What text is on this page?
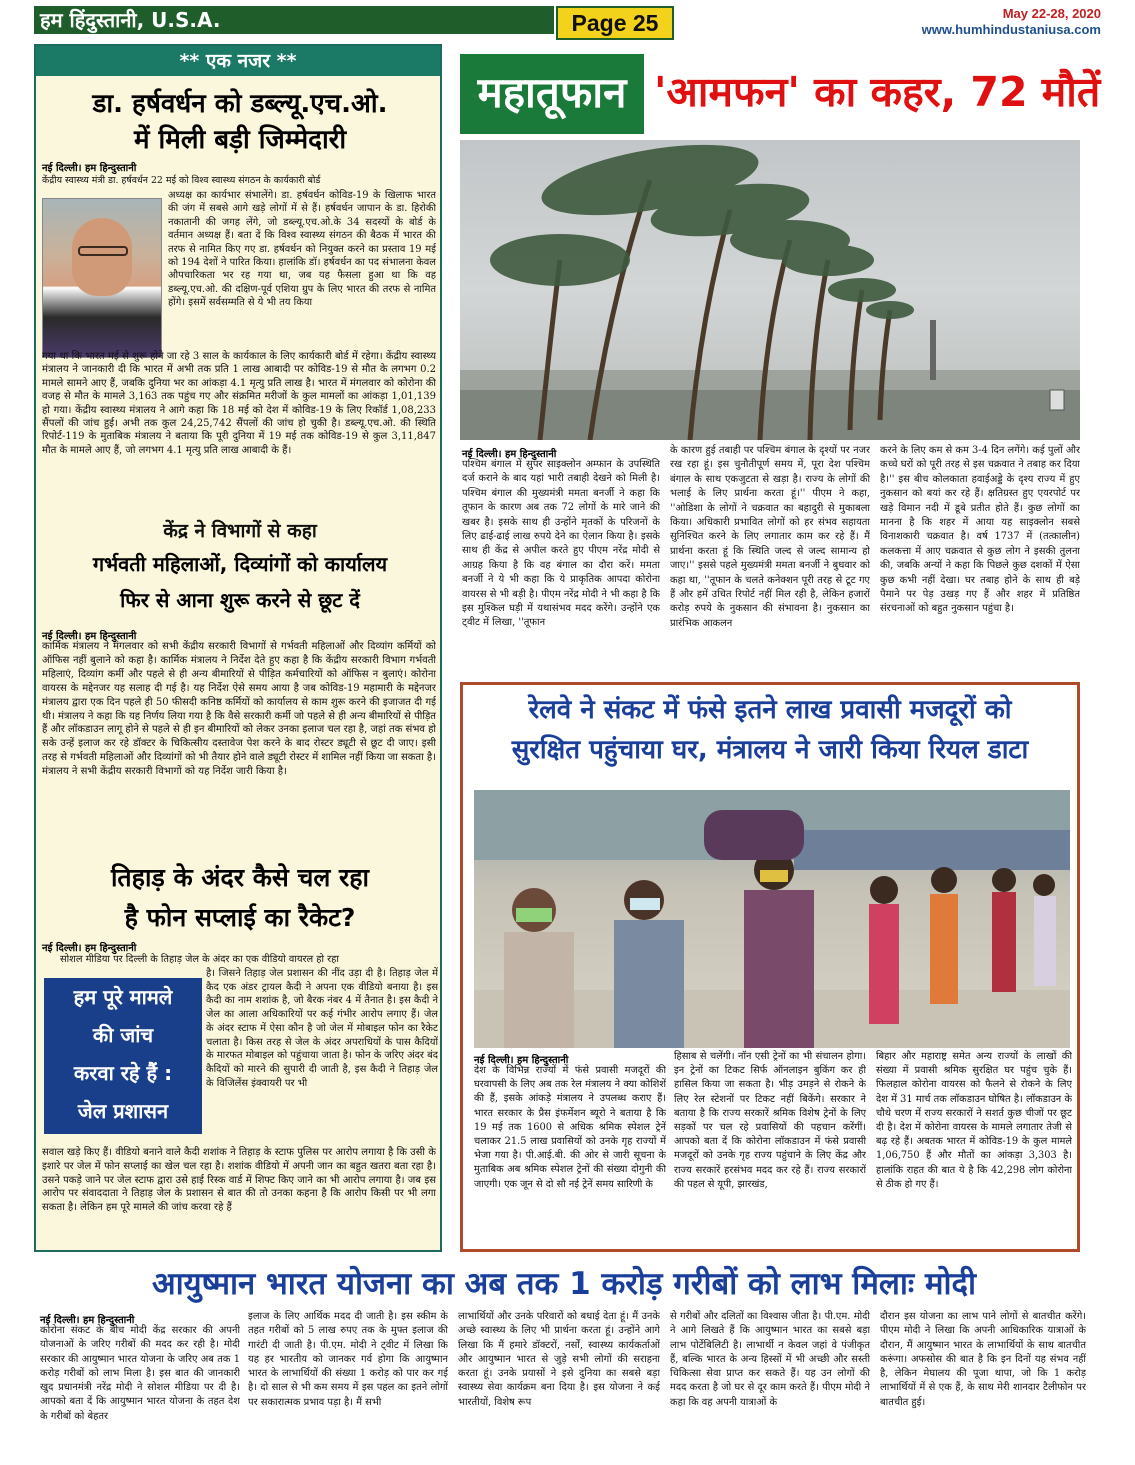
हम हिंदुस्तानी, U.S.A.	Page 25	May 22-28, 2020
www.humhindustaniusa.com
** एक नजर **
डा. हर्षवर्धन को डब्ल्यू.एच.ओ.
में मिली बड़ी जिम्मेदारी
नई दिल्ली। हम हिन्दुस्तानी
केंद्रीय स्वास्थ्य मंत्री डा. हर्षवर्धन 22 मई को विश्व स्वास्थ्य संगठन के कार्यकारी बोर्ड
अध्यक्ष का कार्यभार संभालेंगे। डा. हर्षवर्धन कोविड-19 के खिलाफ भारत की जंग में सबसे आगे खड़े लोगों में से हैं। हर्षवर्धन जापान के डा. हिरोकी नकातानी की जगह लेंगे, जो डब्ल्यू.एच.ओ.के 34 सदस्यों के बोर्ड के वर्तमान अध्यक्ष हैं। बता दें कि विश्व स्वास्थ्य संगठन की बैठक में भारत की तरफ से नामित किए गए डा. हर्षवर्धन को नियुक्त करने का प्रस्ताव 19 मई को 194 देशों ने पारित किया। हालांकि डॉ। हर्षवर्धन का पद संभालना केवल औपचारिकता भर रह गया था, जब यह फैसला हुआ था कि वह डब्ल्यू.एच.ओ. की दक्षिण-पूर्व एशिया ग्रुप के लिए भारत की तरफ से नामित होंगे। इसमें सर्वसम्मति से ये भी तय किया
गया था कि भारत मई से शुरू होने जा रहे 3 साल के कार्यकाल के लिए कार्यकारी बोर्ड में रहेगा। केंद्रीय स्वास्थ्य मंत्रालय ने जानकारी दी कि भारत में अभी तक प्रति 1 लाख आबादी पर कोविड-19 से मौत के लगभग 0.2 मामले सामने आए हैं, जबकि दुनिया भर का आंकड़ा 4.1 मृत्यु प्रति लाख है। भारत में मंगलवार को कोरोना की वजह से मौत के मामले 3,163 तक पहुंच गए और संक्रमित मरीजों के कुल मामलों का आंकड़ा 1,01,139 हो गया। केंद्रीय स्वास्थ्य मंत्रालय ने आगे कहा कि 18 मई को देश में कोविड-19 के लिए रिकॉर्ड 1,08,233 सैंपलों की जांच हुई। अभी तक कुल 24,25,742 सैंपलों की जांच हो चुकी है। डब्ल्यू.एच.ओ. की स्थिति रिपोर्ट-119 के मुताबिक मंत्रालय ने बताया कि पूरी दुनिया में 19 मई तक कोविड-19 से कुल 3,11,847 मौत के मामले आए हैं, जो लगभग 4.1 मृत्यु प्रति लाख आबादी के हैं।
केंद्र ने विभागों से कहा
गर्भवती महिलाओं, दिव्यांगों को कार्यालय
फिर से आना शुरू करने से छूट दें
नई दिल्ली। हम हिन्दुस्तानी
कार्मिक मंत्रालय ने मंगलवार को सभी केंद्रीय सरकारी विभागों से गर्भवती महिलाओं और दिव्यांग कर्मियों को ऑफिस नहीं बुलाने को कहा है। कार्मिक मंत्रालय ने निर्देश देते हुए कहा है कि केंद्रीय सरकारी विभाग गर्भवती महिलाएं, दिव्यांग कर्मी और पहले से ही अन्य बीमारियों से पीड़ित कर्मचारियों को ऑफिस न बुलाएं। कोरोना वायरस के मद्देनजर यह सलाह दी गई है। यह निर्देश ऐसे समय आया है जब कोविड-19 महामारी के मद्देनजर मंत्रालय द्वारा एक दिन पहले ही 50 फीसदी कनिष्ठ कर्मियों को कार्यालय से काम शुरू करने की इजाजत दी गई थी। मंत्रालय ने कहा कि यह निर्णय लिया गया है कि वैसे सरकारी कर्मी जो पहले से ही अन्य बीमारियों से पीड़ित हैं और लॉकडाउन लागू होने से पहले से ही इन बीमारियों को लेकर उनका इलाज चल रहा है, जहां तक संभव हो सके उन्हें इलाज कर रहे डॉक्टर के चिकित्सीय दस्तावेज पेश करने के बाद रोस्टर ड्यूटी से छूट दी जाए। इसी तरह से गर्भवती महिलाओं और दिव्यांगों को भी तैयार होने वाले ड्यूटी रोस्टर में शामिल नहीं किया जा सकता है। मंत्रालय ने सभी केंद्रीय सरकारी विभागों को यह निर्देश जारी किया है।
तिहाड़ के अंदर कैसे चल रहा
है फोन सप्लाई का रैकेट?
नई दिल्ली। हम हिन्दुस्तानी
सोशल मीडिया पर दिल्ली के तिहाड़ जेल के अंदर का एक वीडियो वायरल हो रहा
हम पूरे मामले
की जांच
करवा रहे हैं :
जेल प्रशासन
है। जिसने तिहाड़ जेल प्रशासन की नींद उड़ा दी है। तिहाड़ जेल में कैद एक अंडर ट्रायल कैदी ने अपना एक वीडियो बनाया है। इस कैदी का नाम शशांक है, जो बैरक नंबर 4 में तैनात है। इस कैदी ने जेल का आला अधिकारियों पर कई गंभीर आरोप लगाए हैं। जेल के अंदर स्टाफ में ऐसा कौन है जो जेल में मोबाइल फोन का रैकेट चलाता है। किस तरह से जेल के अंदर अपराधियों के पास कैदियों के मारफत मोबाइल को पहुंचाया जाता है। फोन के जरिए अंदर बंद कैदियों को मारने की सुपारी दी जाती है, इस कैदी ने तिहाड़ जेल के विजिलेंस इंक्वायरी पर भी
सवाल खड़े किए हैं। वीडियो बनाने वाले कैदी शशांक ने तिहाड़ के स्टाफ पुलिस पर आरोप लगाया है कि उसी के इशारे पर जेल में फोन सप्लाई का खेल चल रहा है। शशांक वीडियो में अपनी जान का बहुत खतरा बता रहा है। उसने पकड़े जाने पर जेल स्टाफ द्वारा उसे हाई रिस्क वार्ड में शिफ्ट किए जाने का भी आरोप लगाया है। जब इस आरोप पर संवाददाता ने तिहाड़ जेल के प्रशासन से बात की तो उनका कहना है कि आरोप किसी पर भी लगा सकता है। लेकिन हम पूरे मामले की जांच करवा रहे हैं
महातूफान 'आमफन' का कहर, 72 मौतें
नई दिल्ली। हम हिन्दुस्तानी
पश्चिम बंगाल में सुपर साइक्लोन अम्फान के उपस्थिति दर्ज कराने के बाद यहां भारी तबाही देखने को मिली है। पश्चिम बंगाल की मुख्यमंत्री ममता बनर्जी ने कहा कि तूफान के कारण अब तक 72 लोगों के मारे जाने की खबर है। इसके साथ ही उन्होंने मृतकों के परिजनों के लिए ढाई-ढाई लाख रुपये देने का ऐलान किया है। इसके साथ ही केंद्र से अपील करते हुए पीएम नरेंद्र मोदी से आग्रह किया है कि वह बंगाल का दौरा करें। ममता बनर्जी ने ये भी कहा कि ये प्राकृतिक आपदा कोरोना वायरस से भी बड़ी है। पीएम नरेंद्र मोदी ने भी कहा है कि इस मुश्किल घड़ी में यथासंभव मदद करेंगे। उन्होंने एक ट्वीट में लिखा, ''तूफान
के कारण हुई तबाही पर पश्चिम बंगाल के दृश्यों पर नजर रख रहा हूं। इस चुनौतीपूर्ण समय में, पूरा देश पश्चिम बंगाल के साथ एकजुटता से खड़ा है। राज्य के लोगों की भलाई के लिए प्रार्थना करता हूं।'' पीएम ने कहा, ''ओडिशा के लोगों ने चक्रवात का बहादुरी से मुकाबला किया। अधिकारी प्रभावित लोगों को हर संभव सहायता सुनिश्चित करने के लिए लगातार काम कर रहे हैं। मैं प्रार्थना करता हूं कि स्थिति जल्द से जल्द सामान्य हो जाए।'' इससे पहले मुख्यमंत्री ममता बनर्जी ने बुधवार को कहा था, ''तूफान के चलते कनेक्शन पूरी तरह से टूट गए हैं और हमें उचित रिपोर्ट नहीं मिल रही है, लेकिन हजारों करोड़ रुपये के नुकसान की संभावना है। नुकसान का प्रारंभिक आकलन
करने के लिए कम से कम 3-4 दिन लगेंगे। कई पुलों और कच्चे घरों को पूरी तरह से इस चक्रवात ने तबाह कर दिया है।'' इस बीच कोलकाता हवाईअड्डे के दृश्य राज्य में हुए नुकसान को बयां कर रहे हैं। क्षतिग्रस्त हुए एयरपोर्ट पर खड़े विमान नदी में डूबे प्रतीत होते हैं। कुछ लोगों का मानना है कि शहर में आया यह साइक्लोन सबसे विनाशकारी चक्रवात है। वर्ष 1737 में (तत्कालीन) कलकत्ता में आए चक्रवात से कुछ लोग ने इसकी तुलना की, जबकि अन्यों ने कहा कि पिछले कुछ दशकों में ऐसा कुछ कभी नहीं देखा। घर तबाह होने के साथ ही बड़े पैमाने पर पेड़ उखड़ गए हैं और शहर में प्रतिष्ठित संरचनाओं को बहुत नुकसान पहुंचा है।
रेलवे ने संकट में फंसे इतने लाख प्रवासी मजदूरों को
सुरक्षित पहुंचाया घर, मंत्रालय ने जारी किया रियल डाटा
नई दिल्ली। हम हिन्दुस्तानी
देश के विभिन्न राज्यों में फंसे प्रवासी मजदूरों की घरवापसी के लिए अब तक रेल मंत्रालय ने क्या कोशिशें की हैं, इसके आंकड़े मंत्रालय ने उपलब्ध कराए हैं। भारत सरकार के प्रैस इंफर्मेशन ब्यूरो ने बताया है कि 19 मई तक 1600 से अधिक श्रमिक स्पेशल ट्रेनें चलाकर 21.5 लाख प्रवासियों को उनके गृह राज्यों में भेजा गया है। पी.आई.बी. की ओर से जारी सूचना के मुताबिक अब श्रमिक स्पेशल ट्रेनों की संख्या दोगुनी की जाएगी। एक जून से दो सौ नई ट्रेनें समय सारिणी के
हिसाब से चलेंगी। नॉन एसी ट्रेनों का भी संचालन होगा। इन ट्रेनों का टिकट सिर्फ ऑनलाइन बुकिंग कर ही हासिल किया जा सकता है। भीड़ उमड़ने से रोकने के लिए रेल स्टेशनों पर टिकट नहीं बिकेंगे। सरकार ने बताया है कि राज्य सरकारें श्रमिक विशेष ट्रेनों के लिए सड़कों पर चल रहे प्रवासियों की पहचान करेंगीं। आपको बता दें कि कोरोना लॉकडाउन में फंसे प्रवासी मजदूरों को उनके गृह राज्य पहुंचाने के लिए केंद्र और राज्य सरकारें हरसंभव मदद कर रहे हैं। राज्य सरकारों की पहल से यूपी, झारखंड,
बिहार और महाराष्ट्र समेत अन्य राज्यों के लाखों की संख्या में प्रवासी श्रमिक सुरक्षित घर पहुंच चुके हैं। फिलहाल कोरोना वायरस को फैलने से रोकने के लिए देश में 31 मार्च तक लॉकडाउन घोषित है। लॉकडाउन के चौथे चरण में राज्य सरकारों ने सशर्त कुछ चीजों पर छूट दी है। देश में कोरोना वायरस के मामले लगातार तेजी से बढ़ रहे हैं। अबतक भारत में कोविड-19 के कुल मामले 1,06,750 हैं और मौतों का आंकड़ा 3,303 है। हालांकि राहत की बात ये है कि 42,298 लोग कोरोना से ठीक हो गए हैं।
आयुष्मान भारत योजना का अब तक 1 करोड़ गरीबों को लाभ मिलाः मोदी
नई दिल्ली। हम हिन्दुस्तानी
कोरोना संकट के बीच मोदी केंद्र सरकार की अपनी योजनाओं के जरिए गरीबों की मदद कर रही है। मोदी सरकार की आयुष्मान भारत योजना के जरिए अब तक 1 करोड़ गरीबों को लाभ मिला है। इस बात की जानकारी खुद प्रधानमंत्री नरेंद्र मोदी ने सोशल मीडिया पर दी है। आपको बता दें कि आयुष्मान भारत योजना के तहत देश के गरीबों को बेहतर
इलाज के लिए आर्थिक मदद दी जाती है। इस स्कीम के तहत गरीबों को 5 लाख रुपए तक के मुफ्त इलाज की गारंटी दी जाती है। पी.एम. मोदी ने ट्वीट में लिखा कि यह हर भारतीय को जानकर गर्व होगा कि आयुष्मान भारत के लाभार्थियों की संख्या 1 करोड़ को पार कर गई है। दो साल से भी कम समय में इस पहल का इतने लोगों पर सकारात्मक प्रभाव पड़ा है। मैं सभी
लाभार्थियों और उनके परिवारों को बधाई देता हूं। मैं उनके अच्छे स्वास्थ्य के लिए भी प्रार्थना करता हूं। उन्होंने आगे लिखा कि मैं हमारे डॉक्टरों, नर्सों, स्वास्थ्य कार्यकर्ताओं और आयुष्मान भारत से जुड़े सभी लोगों की सराहना करता हूं। उनके प्रयासों ने इसे दुनिया का सबसे बड़ा स्वास्थ्य सेवा कार्यक्रम बना दिया है। इस योजना ने कई भारतीयों, विशेष रूप
से गरीबों और दलितों का विश्वास जीता है। पी.एम. मोदी ने आगे लिखते हैं कि आयुष्मान भारत का सबसे बड़ा लाभ पोर्टेबिलिटी है। लाभार्थी न केवल जहां वे पंजीकृत हैं, बल्कि भारत के अन्य हिस्सों में भी अच्छी और सस्ती चिकित्सा सेवा प्राप्त कर सकते हैं। यह उन लोगों की मदद करता है जो घर से दूर काम करते हैं। पीएम मोदी ने कहा कि वह अपनी यात्राओं के
दौरान इस योजना का लाभ पाने लोगों से बातचीत करेंगे। पीएम मोदी ने लिखा कि अपनी आधिकारिक यात्राओं के दौरान, मैं आयुष्मान भारत के लाभार्थियों के साथ बातचीत करूंगा। अफसोस की बात है कि इन दिनों यह संभव नहीं है, लेकिन मेघालय की पूजा थापा, जो कि 1 करोड़ लाभार्थियों में से एक हैं, के साथ मेरी शानदार टैलीफोन पर बातचीत हुई।
